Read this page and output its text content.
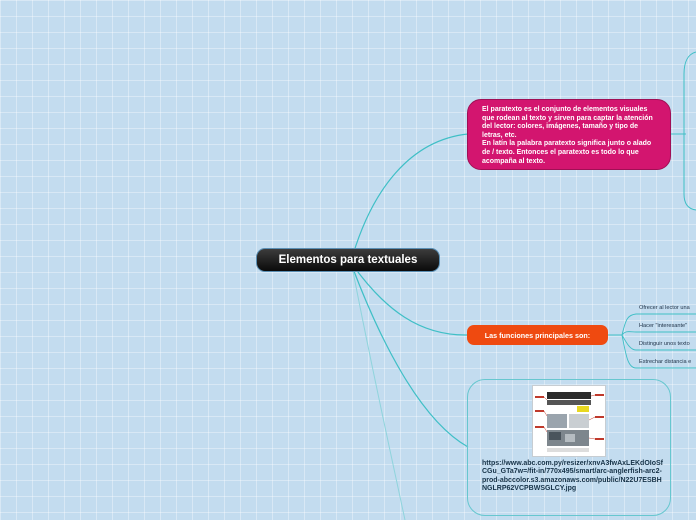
Elementos para textuales

El paratexto es el conjunto de elementos visuales que rodean al texto y sirven para captar la atención del lector: colores, imágenes, tamaño y tipo de letras, etc.

En latín la palabra paratexto significa junto o alado de / texto. Entonces el paratexto es todo lo que acompaña al texto.

Las funciones principales son:
Ofrecer al lector una
Hacer "interesante"
Distinguir unos texto
Estrechar distancia e
https://www.abc.com.py/resizer/xnvA3fwAxLEKdOIoSfCGu_GTa7w=/fit-in/770x495/smart/arc-anglerfish-arc2-prod-abccolor.s3.amazonaws.com/public/N22U7ESBHNGLRP62VCPBWSGLCY.jpg
